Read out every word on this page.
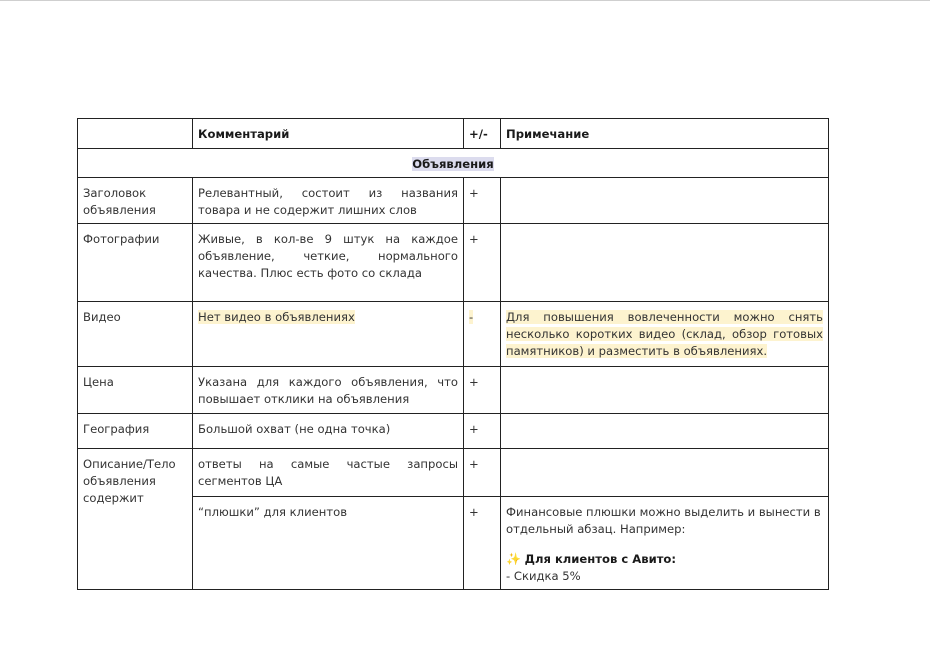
	Комментарий	+/-	Примечание
Объявления			
Заголовок объявления	Релевантный, состоит из названия товара и не содержит лишних слов	+	
Фотографии	Живые, в кол-ве 9 штук на каждое объявление, четкие, нормального качества. Плюс есть фото со склада	+	
Видео	Нет видео в объявлениях	-	Для повышения вовлеченности можно снять несколько коротких видео (склад, обзор готовых памятников) и разместить в объявлениях.
Цена	Указана для каждого объявления, что повышает отклики на объявления	+	
География	Большой охват (не одна точка)	+	
Описание/Тело объявления содержит	ответы на самые частые запросы сегментов ЦА	+	
	“плюшки” для клиентов	+	Финансовые плюшки можно выделить и вынести в отдельный абзац. Например:
✨ Для клиентов с Авито:
- Скидка 5%
